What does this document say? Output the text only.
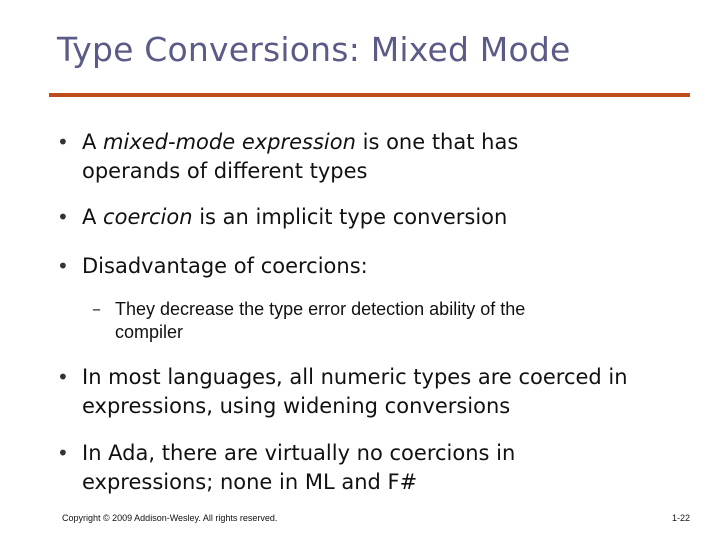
Type Conversions: Mixed Mode
• A mixed-mode expression is one that has
operands of different types
• A coercion is an implicit type conversion
• Disadvantage of coercions:
– They decrease the type error detection ability of the
compiler
• In most languages, all numeric types are coerced in
expressions, using widening conversions
• In Ada, there are virtually no coercions in
expressions; none in ML and F#
Copyright © 2009 Addison-Wesley. All rights reserved.	1-22
